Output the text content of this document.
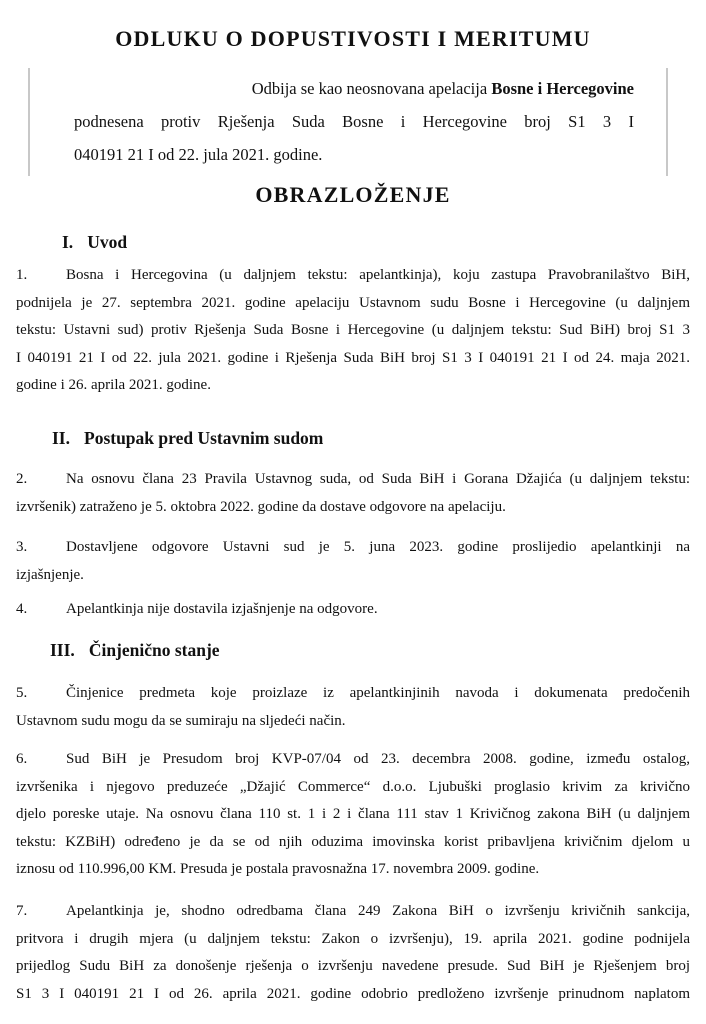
ODLUKU O DOPUSTIVOSTI I MERITUMU

Odbija se kao neosnovana apelacija Bosne i Hercegovine

podnesena protiv Rješenja Suda Bosne i Hercegovine broj S1 3 I

040191 21 I od 22. jula 2021. godine.

OBRAZLOŽENJE
I. Uvod
1.	Bosna i Hercegovina (u daljnjem tekstu: apelantkinja), koju zastupa Pravobranilaštvo BiH,
podnijela je 27. septembra 2021. godine apelaciju Ustavnom sudu Bosne i Hercegovine (u daljnjem
tekstu: Ustavni sud) protiv Rješenja Suda Bosne i Hercegovine (u daljnjem tekstu: Sud BiH) broj S1 3
I 040191 21 I od 22. jula 2021. godine i Rješenja Suda BiH broj S1 3 I 040191 21 I od 24. maja 2021.
godine i 26. aprila 2021. godine.
II. Postupak pred Ustavnim sudom
2.	Na osnovu člana 23 Pravila Ustavnog suda, od Suda BiH i Gorana Džajića (u daljnjem tekstu:
izvršenik) zatraženo je 5. oktobra 2022. godine da dostave odgovore na apelaciju.
3.	Dostavljene odgovore Ustavni sud je 5. juna 2023. godine proslijedio apelantkinji na
izjašnjenje.
4.	Apelantkinja nije dostavila izjašnjenje na odgovore.
III. Činjenično stanje
5.	Činjenice predmeta koje proizlaze iz apelantkinjinih navoda i dokumenata predočenih
Ustavnom sudu mogu da se sumiraju na sljedeći način.
6.	Sud BiH je Presudom broj KVP-07/04 od 23. decembra 2008. godine, između ostalog,
izvršenika i njegovo preduzeće „Džajić Commerce“ d.o.o. Ljubuški proglasio krivim za krivično
djelo poreske utaje. Na osnovu člana 110 st. 1 i 2 i člana 111 stav 1 Krivičnog zakona BiH (u daljnjem
tekstu: KZBiH) određeno je da se od njih oduzima imovinska korist pribavljena krivičnim djelom u
iznosu od 110.996,00 KM. Presuda je postala pravosnažna 17. novembra 2009. godine.
7.	Apelantkinja je, shodno odredbama člana 249 Zakona BiH o izvršenju krivičnih sankcija,
pritvora i drugih mjera (u daljnjem tekstu: Zakon o izvršenju), 19. aprila 2021. godine podnijela
prijedlog Sudu BiH za donošenje rješenja o izvršenju navedene presude. Sud BiH je Rješenjem broj
S1 3 I 040191 21 I od 26. aprila 2021. godine odobrio predloženo izvršenje prinudnom naplatom
